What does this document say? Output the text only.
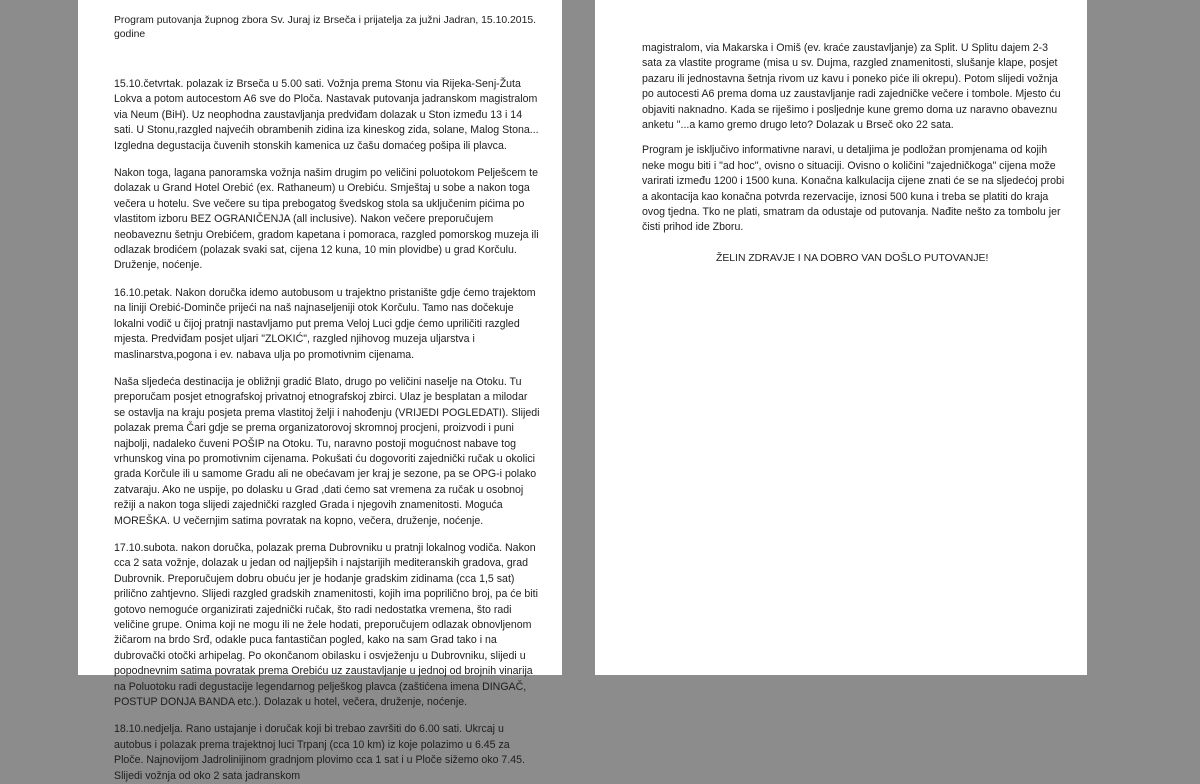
Program putovanja župnog zbora Sv. Juraj iz Brseča i prijatelja za južni Jadran, 15.10.2015. godine

15.10.četvrtak. polazak iz Brseča u 5.00 sati. Vožnja prema Stonu via Rijeka-Senj-Žuta Lokva a potom autocestom A6 sve do Pločа. Nastavak putovanja jadranskom magistralom via Neum (BiH). Uz neophodna zaustavljanja predviđam dolazak u Ston između 13 i 14 sati. U Stonu,razgled najvećih obrambenih zidina iza kineskog zida, solane, Malog Stona... Izgledna degustacija čuvenih stonskih kamenica uz čašu domaćeg pošipa ili plavca.

Nakon toga, lagana panoramska vožnja našim drugim po veličini poluotokom Pelješcem te dolazak u Grand Hotel Orebić (ex. Rathaneum) u Orebiću. Smještaj u sobe a nakon toga večera u hotelu. Sve večere su tipa prebogatog švedskog stola sa uključenim pićima po vlastitom izboru BEZ OGRANIČENJA (all inclusive). Nakon večere preporučujem neobaveznu šetnju Orebićem, gradom kapetana i pomoraca, razgled pomorskog muzeja ili odlazak brodićem (polazak svaki sat, cijena 12 kuna, 10 min plovidbe) u grad Korčulu. Druženje, noćenje.

16.10.petak. Nakon doručka idemo autobusom u trajektno pristanište gdje ćemo trajektom na liniji Orebić-Dominče prijeći na naš najnaseljeniji otok Korčulu. Tamo nas dočekuje lokalni vodič u čijoj pratnji nastavljamo put prema Veloj Luci gdje ćemo upriličiti razgled mjesta. Predviđam posjet uljari "ZLOKIĆ", razgled njihovog muzeja uljarstva i maslinarstva,pogona i ev. nabava ulja po promotivnim cijenama.

Naša sljedeća destinacija je obližnji gradić Blato, drugo po veličini naselje na Otoku. Tu preporučam posjet etnografskoj privatnoj etnografskoj zbirci. Ulaz je besplatan a milodar se ostavlja na kraju posjeta prema vlastitoj želji i nahođenju (VRIJEDI POGLEDATI). Slijedi polazak prema Čari gdje se prema organizatorovoj skromnoj procjeni, proizvodi i puni najbolji, nadaleko čuveni POŠIP na Otoku. Tu, naravno postoji mogućnost nabave tog vrhunskog vina po promotivnim cijenama. Pokušati ću dogovoriti zajednički ručak u okolici grada Korčule ili u samome Gradu ali ne obećavam jer kraj je sezone, pa se OPG-i polako zatvaraju. Ako ne uspije, po dolasku u Grad ,dati ćemo sat vremena za ručak u osobnoj režiji a nakon toga slijedi zajednički razgled Grada i njegovih znamenitosti. Moguća MOREŠKA. U večernjim satima povratak na kopno, večera, druženje, noćenje.

17.10.subota. nakon doručka, polazak prema Dubrovniku u pratnji lokalnog vodiča. Nakon cca 2 sata vožnje, dolazak u jedan od najljepših i najstarijih mediteranskih gradova, grad Dubrovnik. Preporučujem dobru obuću jer je hodanje gradskim zidinama (cca 1,5 sat) prilično zahtjevno. Slijedi razgled gradskih znamenitosti, kojih ima poprilično broj, pa će biti gotovo nemoguće organizirati zajednički ručak, što radi nedostatka vremena, što radi veličine grupe. Onima koji ne mogu ili ne žele hodati, preporučujem odlazak obnovljenom žičarom na brdo Srđ, odakle puca fantastičan pogled, kako na sam Grad tako i na dubrovački otočki arhipelag. Po okončanom obilasku i osvježenju u Dubrovniku, slijedi u popodnevnim satima povratak prema Orebiću uz zaustavljanje u jednoj od brojnih vinarija na Poluotoku radi degustacije legendarnog pelješkog plavca (zaštićena imena DINGAČ, POSTUP DONJA BANDA etc.). Dolazak u hotel, večera, druženje, noćenje.

18.10.nedjelja. Rano ustajanje i doručak koji bi trebao završiti do 6.00 sati. Ukrcaj u autobus i polazak prema trajektnoj luci Trpanj (cca 10 km) iz koje polazimo u 6.45 za Ploče. Najnovijom Jadrolinijinom gradnjom plovimo cca 1 sat i u Ploče sižemo oko 7.45. Slijedi vožnja od oko 2 sata jadranskom

magistralom, via Makarska i Omiš (ev. kraće zaustavljanje) za Split. U Splitu dajem 2-3 sata za vlastite programe (misa u sv. Dujma, razgled znamenitosti, slušanje klape, posjet pazaru ili jednostavna šetnja rivom uz kavu i poneko piće ili okrepu). Potom slijedi vožnja po autocesti A6 prema doma uz zaustavljanje radi zajedničke večere i tombole. Mjesto ću objaviti naknadno. Kada se riješimo i posljednje kune gremo doma uz naravno obaveznu anketu "...a kamo gremo drugo leto? Dolazak u Brseč oko 22 sata.

Program je isključivo informativne naravi, u detaljima je podložan promjenama od kojih neke mogu biti i "ad hoc", ovisno o situaciji. Ovisno o količini "zajedničkoga" cijena može varirati između 1200 i 1500 kuna. Konačna kalkulacija cijene znati će se na sljedećoj probi a akontacija kao konačna potvrda rezervacije, iznosi 500 kuna i treba se platiti do kraja ovog tjedna. Tko ne plati, smatram da odustaje od putovanja. Nađite nešto za tombolu jer čisti prihod ide Zboru.

ŽELIN ZDRAVJE I NA DOBRO VAN DOŠLO PUTOVANJE!
